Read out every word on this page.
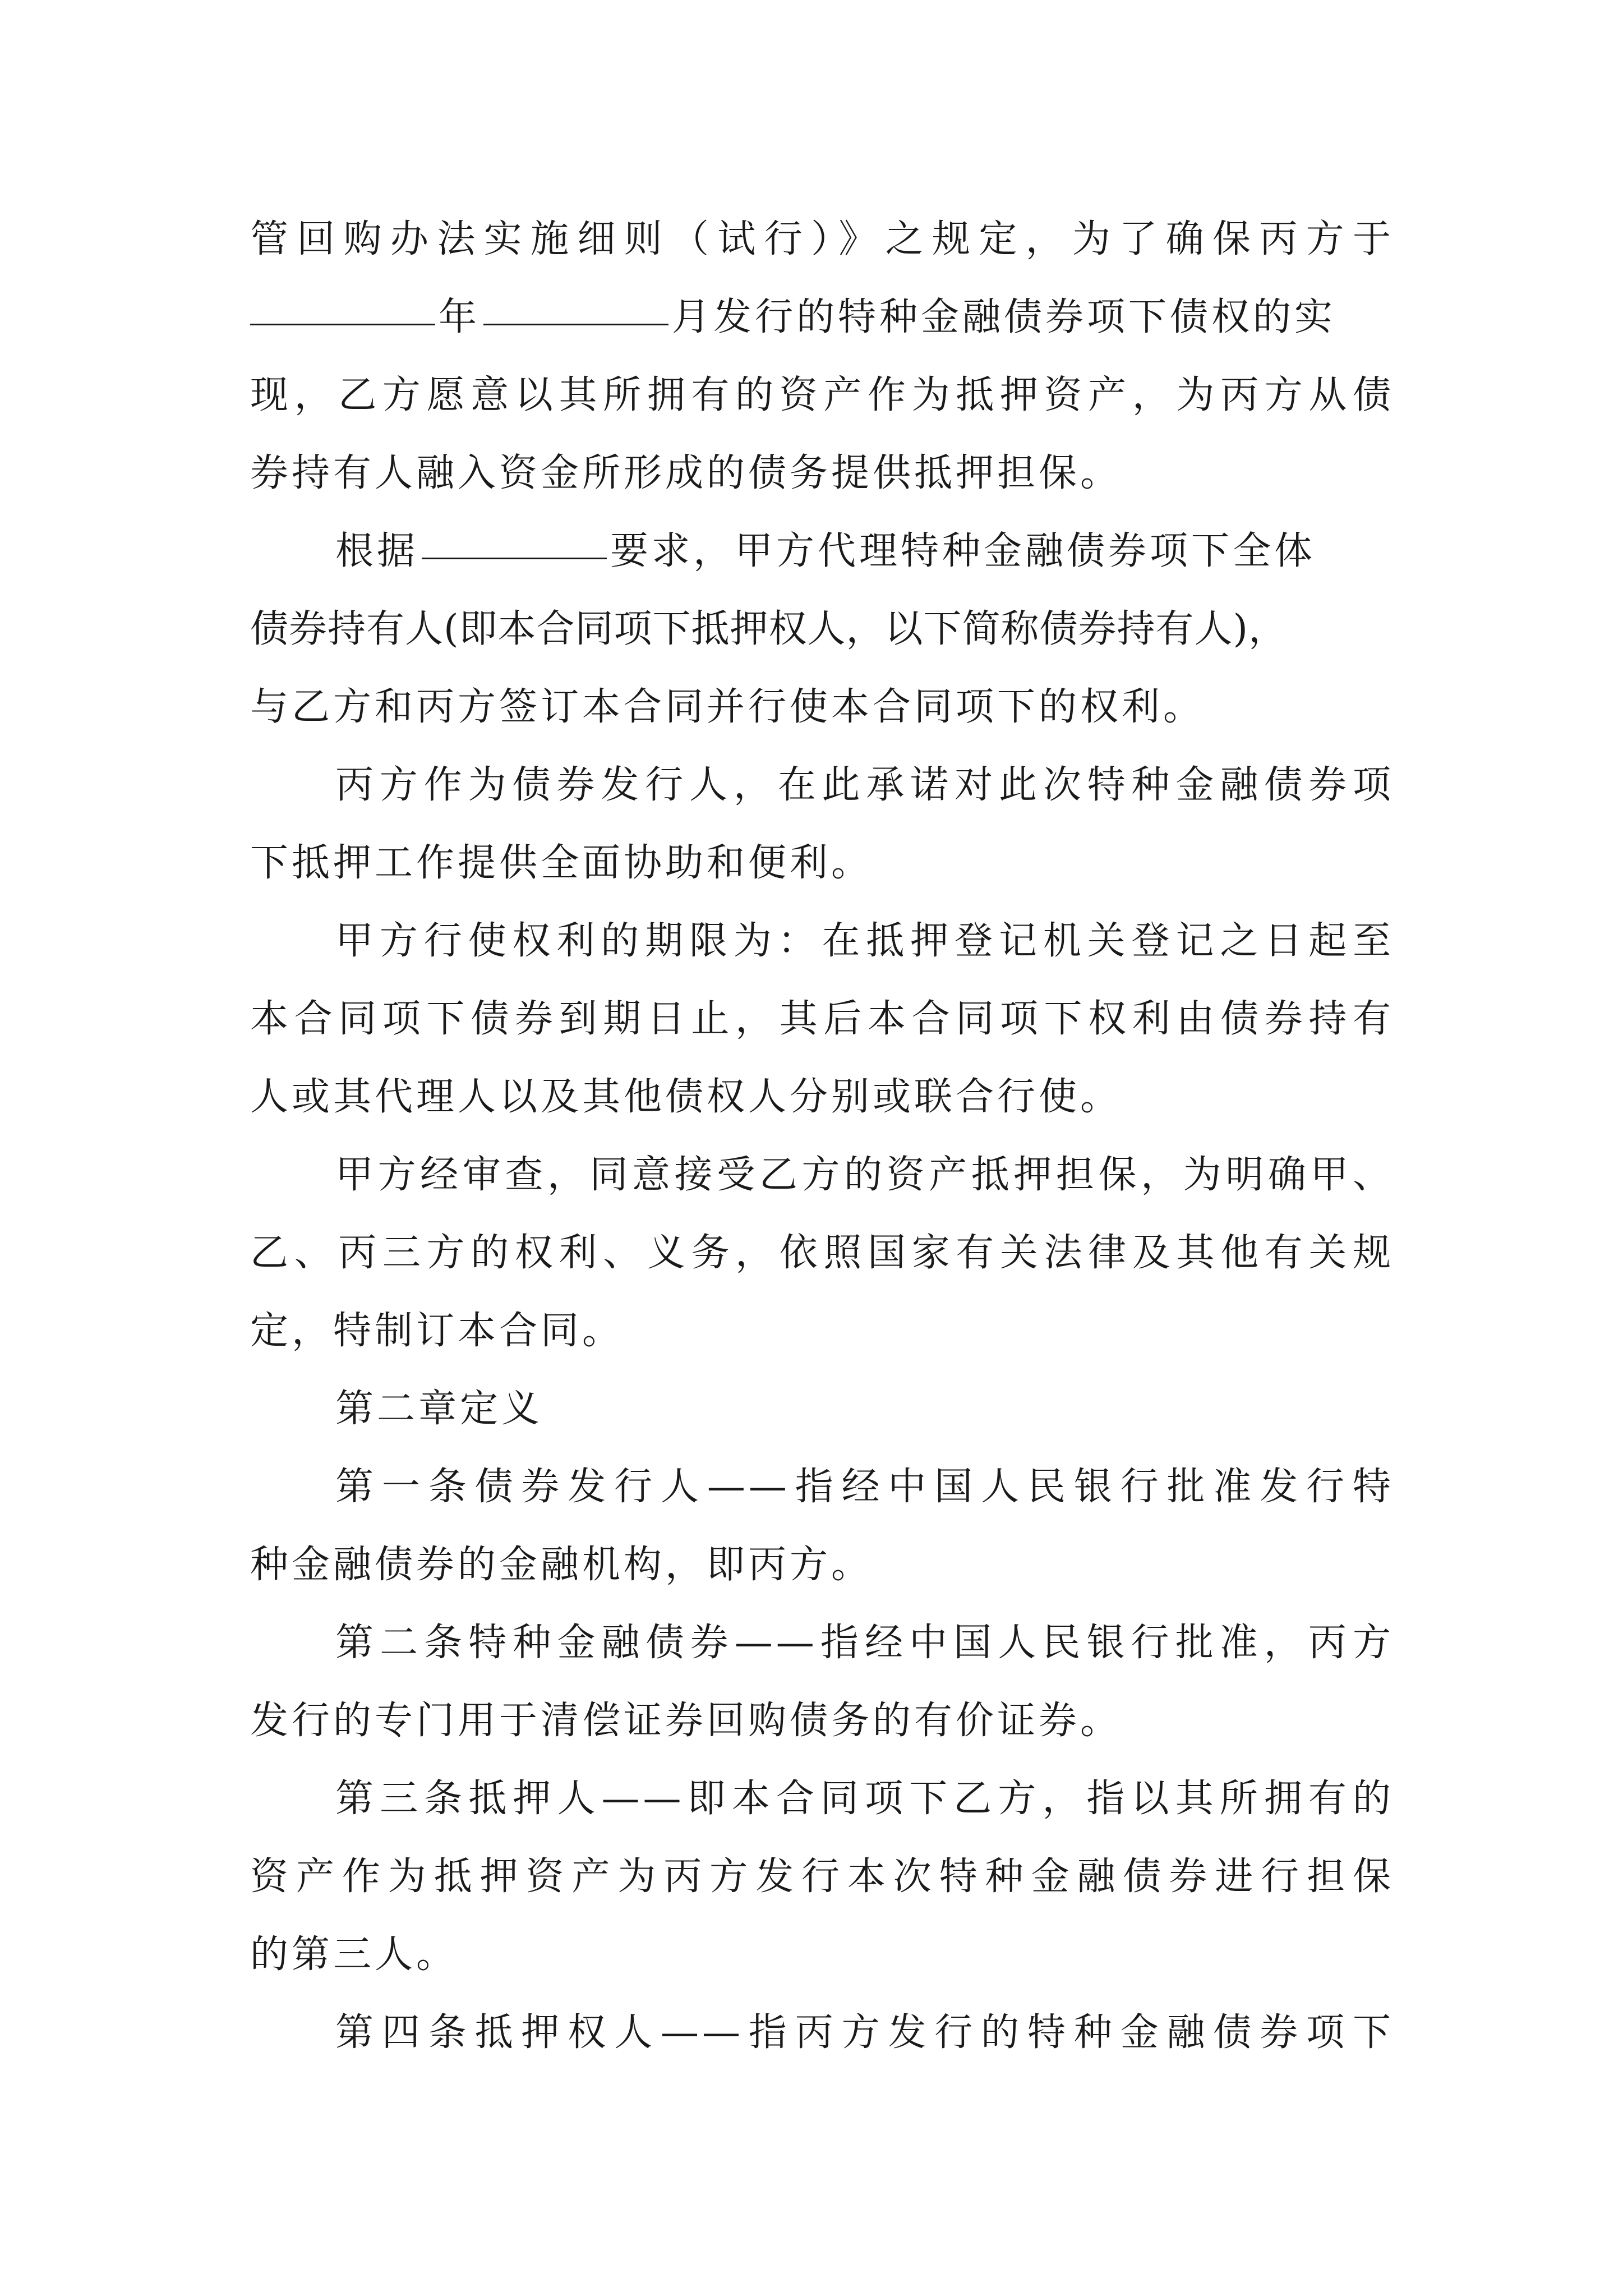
管回购办法实施细则（试行）》之规定，为了确保丙方于
年	月发行的特种金融债券项下债权的实
现，乙方愿意以其所拥有的资产作为抵押资产，为丙方从债
券持有人融入资金所形成的债务提供抵押担保。
根据	要求，甲方代理特种金融债券项下全体
债券持有人(即本合同项下抵押权人，以下简称债券持有人)，
与乙方和丙方签订本合同并行使本合同项下的权利。
丙方作为债券发行人，在此承诺对此次特种金融债券项
下抵押工作提供全面协助和便利。
甲方行使权利的期限为：在抵押登记机关登记之日起至
本合同项下债券到期日止，其后本合同项下权利由债券持有
人或其代理人以及其他债权人分别或联合行使。
甲方经审查，同意接受乙方的资产抵押担保，为明确甲、
乙、丙三方的权利、义务，依照国家有关法律及其他有关规
定，特制订本合同。
第二章定义
第一条债券发行人——指经中国人民银行批准发行特
种金融债券的金融机构，即丙方。
第二条特种金融债券——指经中国人民银行批准，丙方
发行的专门用于清偿证券回购债务的有价证券。
第三条抵押人——即本合同项下乙方，指以其所拥有的
资产作为抵押资产为丙方发行本次特种金融债券进行担保
的第三人。
第四条抵押权人——指丙方发行的特种金融债券项下
